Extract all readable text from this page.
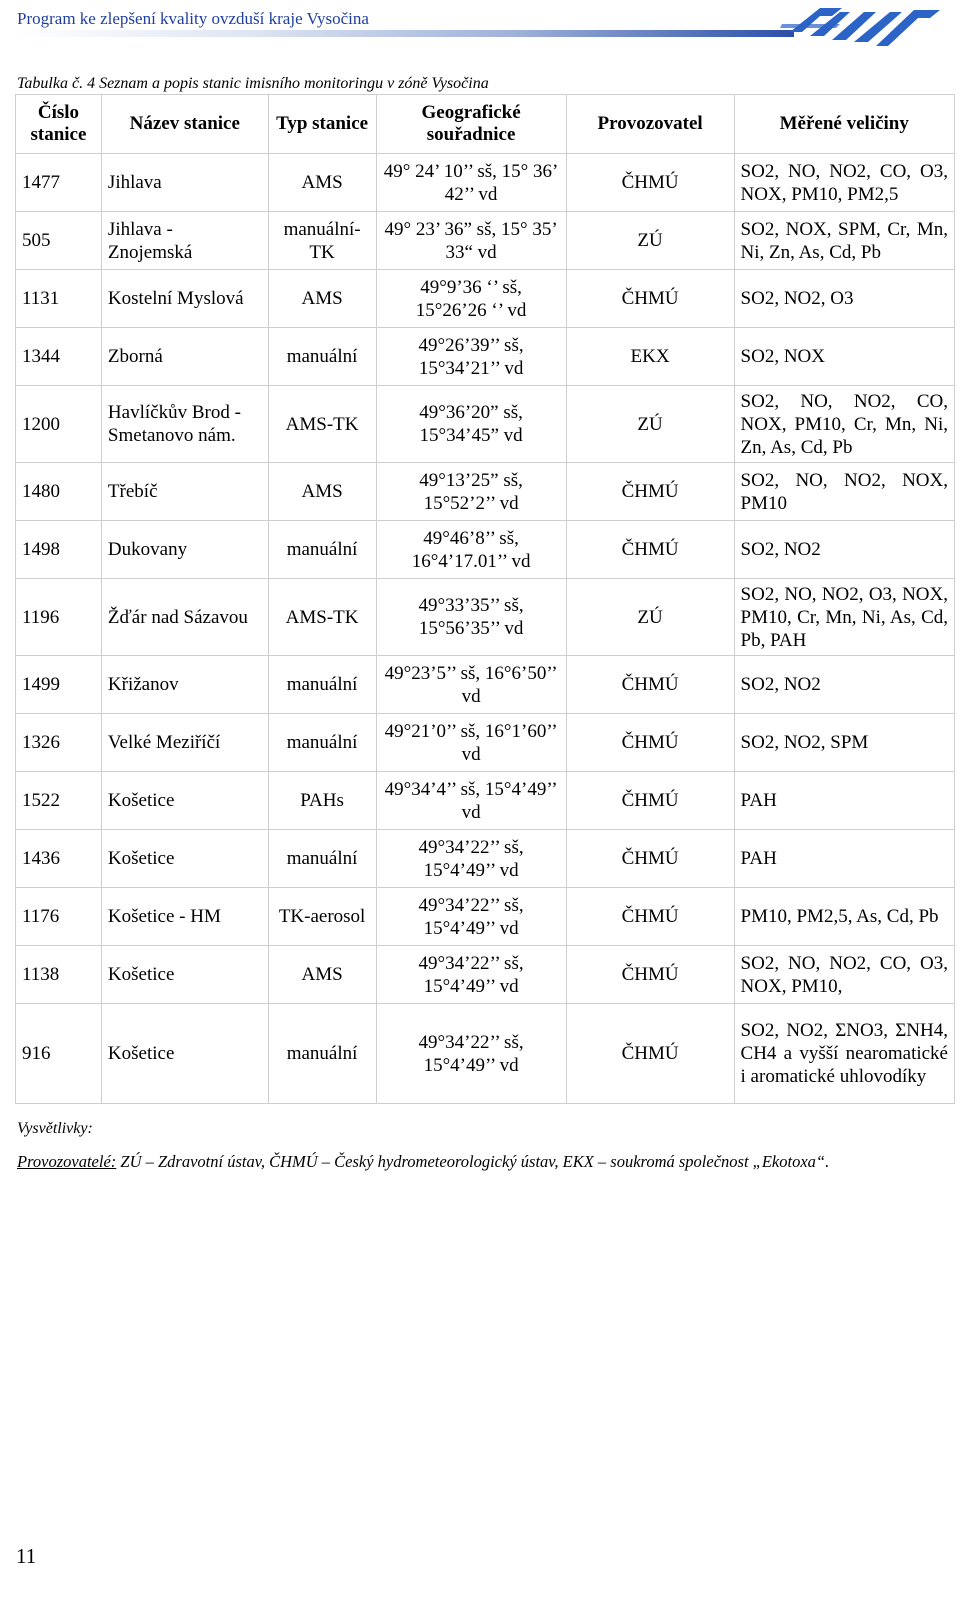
Program ke zlepšení kvality ovzduší kraje Vysočina
Tabulka č. 4 Seznam a popis stanic imisního monitoringu v zóně Vysočina
Číslo stanice	Název stanice	Typ stanice	Geografické souřadnice	Provozovatel	Měřené veličiny
1477	Jihlava	AMS	49° 24’ 10’’ sš, 15° 36’ 42’’ vd	ČHMÚ	SO2, NO, NO2, CO, O3, NOX, PM10, PM2,5
505	Jihlava - Znojemská	manuální-TK	49° 23’ 36” sš, 15° 35’ 33“ vd	ZÚ	SO2, NOX, SPM, Cr, Mn, Ni, Zn, As, Cd, Pb
1131	Kostelní Myslová	AMS	49°9’36 ‘’ sš, 15°26’26 ‘’ vd	ČHMÚ	SO2, NO2, O3
1344	Zborná	manuální	49°26’39’’ sš, 15°34’21’’ vd	EKX	SO2, NOX
1200	Havlíčkův Brod - Smetanovo nám.	AMS-TK	49°36’20” sš, 15°34’45” vd	ZÚ	SO2, NO, NO2, CO, NOX, PM10, Cr, Mn, Ni, Zn, As, Cd, Pb
1480	Třebíč	AMS	49°13’25” sš, 15°52’2’’ vd	ČHMÚ	SO2, NO, NO2, NOX, PM10
1498	Dukovany	manuální	49°46’8’’ sš, 16°4’17.01’’ vd	ČHMÚ	SO2, NO2
1196	Žďár nad Sázavou	AMS-TK	49°33’35’’ sš, 15°56’35’’ vd	ZÚ	SO2, NO, NO2, O3, NOX, PM10, Cr, Mn, Ni, As, Cd, Pb, PAH
1499	Křižanov	manuální	49°23’5’’ sš, 16°6’50’’ vd	ČHMÚ	SO2, NO2
1326	Velké Meziříčí	manuální	49°21’0’’ sš, 16°1’60’’ vd	ČHMÚ	SO2, NO2, SPM
1522	Košetice	PAHs	49°34’4’’ sš, 15°4’49’’ vd	ČHMÚ	PAH
1436	Košetice	manuální	49°34’22’’ sš, 15°4’49’’ vd	ČHMÚ	PAH
1176	Košetice - HM	TK-aerosol	49°34’22’’ sš, 15°4’49’’ vd	ČHMÚ	PM10, PM2,5, As, Cd, Pb
1138	Košetice	AMS	49°34’22’’ sš, 15°4’49’’ vd	ČHMÚ	SO2, NO, NO2, CO, O3, NOX, PM10,
916	Košetice	manuální	49°34’22’’ sš, 15°4’49’’ vd	ČHMÚ	SO2, NO2, ΣNO3, ΣNH4, CH4 a vyšší nearomatické i aromatické uhlovodíky
Vysvětlivky:
Provozovatelé: ZÚ – Zdravotní ústav, ČHMÚ – Český hydrometeorologický ústav, EKX – soukromá společnost „Ekotoxa“.
11
